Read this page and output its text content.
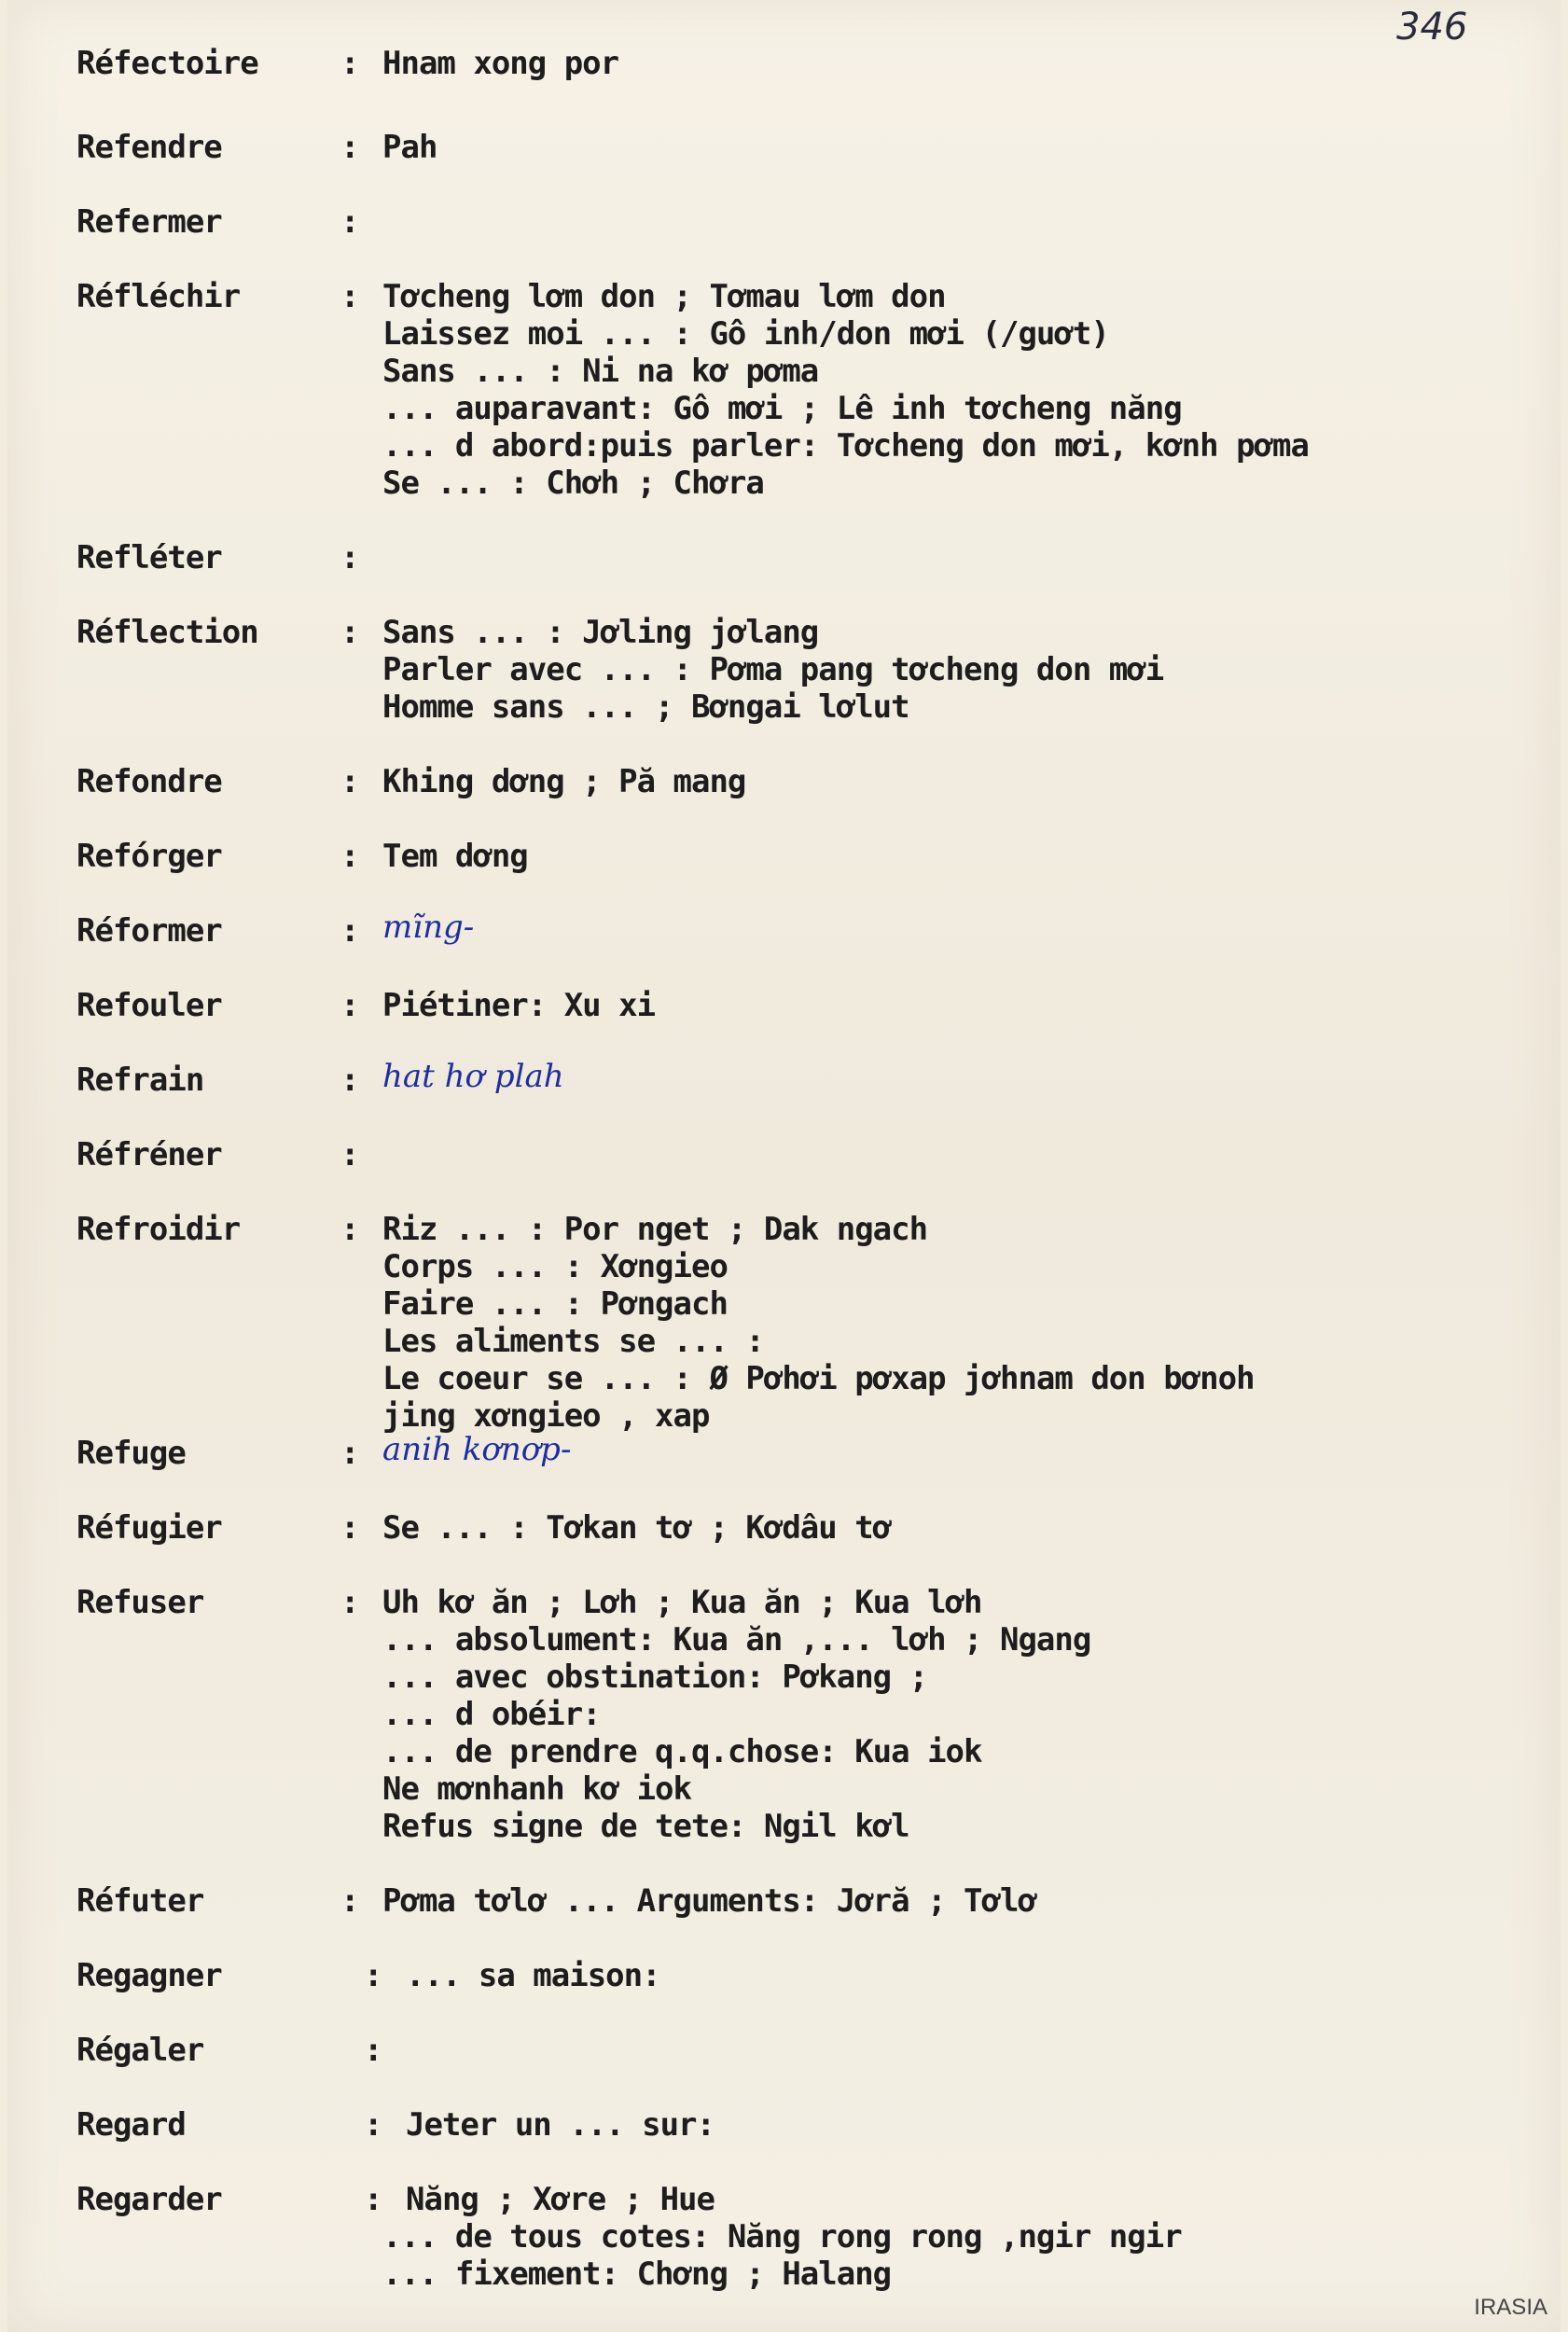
346
Réfectoire	: Hnam xong por
Refendre	: Pah
Refermer	:
Réfléchir	: Tơcheng lơm don ; Tơmau lơm don
Laissez moi ... : Gô inh/don mơi (/guơt)
Sans ... : Ni na kơ pơma
... auparavant: Gô mơi ; Lê inh tơcheng năng
... d abord:puis parler: Tơcheng don mơi, kơnh pơma
Se ... : Chơh ; Chơra
Refléter	:
Réflection	: Sans ... : Jơling jơlang
Parler avec ... : Pơma pang tơcheng don mơi
Homme sans ... ; Bơngai lơlut
Refondre	: Khing dơng ; Pă mang
Refórger	: Tem dơng
Réformer	: mĩng-
Refouler	: Piétiner: Xu xi
Refrain	: hat hơ plah
Réfréner	:
Refroidir	: Riz ... : Por nget ; Dak ngach
Corps ... : Xơngieo
Faire ... : Pơngach
Les aliments se ... :
Le coeur se ... : Ø Pơhơi pơxap jơhnam don bơnoh
jing xơngieo , xap
Refuge	: anih kơnơp-
Réfugier	: Se ... : Tơkan tơ ; Kơdâu tơ
Refuser	: Uh kơ ăn ; Lơh ; Kua ăn ; Kua lơh
... absolument: Kua ăn ,... lơh ; Ngang
... avec obstination: Pơkang ;
... d obéir:
... de prendre q.q.chose: Kua iok
Ne mơnhanh kơ iok
Refus signe de tete: Ngil kơl
Réfuter	: Pơma tơlơ ... Arguments: Jơră ; Tơlơ
Regagner	: ... sa maison:
Régaler	:
Regard	: Jeter un ... sur:
Regarder	: Năng ; Xơre ; Hue
... de tous cotes: Năng rong rong ,ngir ngir
... fixement: Chơng ; Halang
IRASIA
